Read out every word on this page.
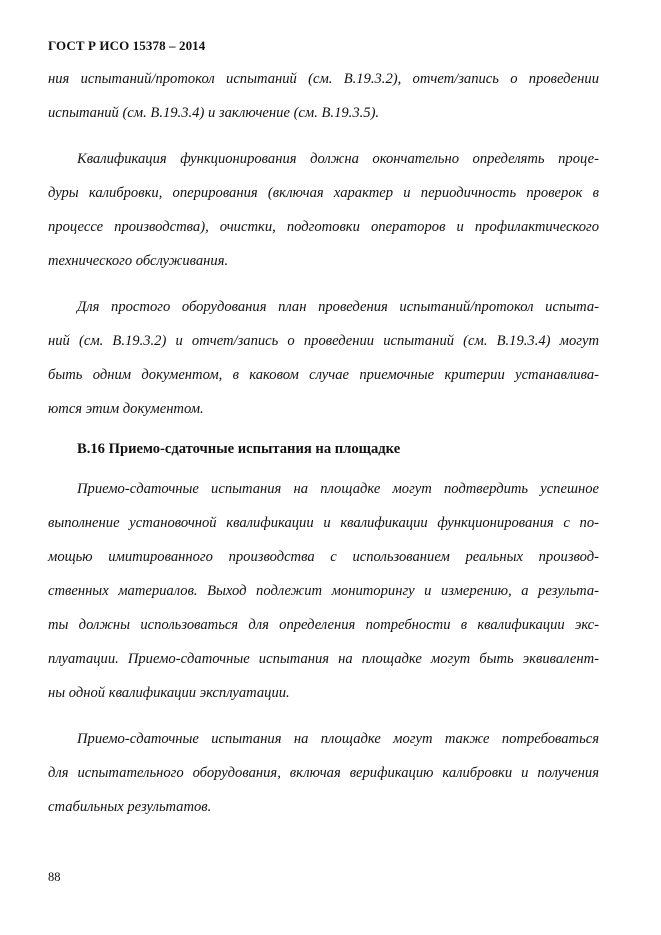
ГОСТ Р ИСО 15378 – 2014
ния испытаний/протокол испытаний (см. В.19.3.2), отчет/запись о проведении
испытаний (см. В.19.3.4) и заключение (см. В.19.3.5).
Квалификация функционирования должна окончательно определять проце-
дуры калибровки, оперирования (включая характер и периодичность проверок в
процессе производства), очистки, подготовки операторов и профилактического
технического обслуживания.
Для простого оборудования план проведения испытаний/протокол испыта-
ний (см. В.19.3.2) и отчет/запись о проведении испытаний (см. В.19.3.4) могут
быть одним документом, в каковом случае приемочные критерии устанавлива-
ются этим документом.
В.16 Приемо-сдаточные испытания на площадке
Приемо-сдаточные испытания на площадке могут подтвердить успешное
выполнение установочной квалификации и квалификации функционирования с по-
мощью имитированного производства с использованием реальных производ-
ственных материалов. Выход подлежит мониторингу и измерению, а результа-
ты должны использоваться для определения потребности в квалификации экс-
плуатации. Приемо-сдаточные испытания на площадке могут быть эквивалент-
ны одной квалификации эксплуатации.
Приемо-сдаточные испытания на площадке могут также потребоваться
для испытательного оборудования, включая верификацию калибровки и получения
стабильных результатов.
88
